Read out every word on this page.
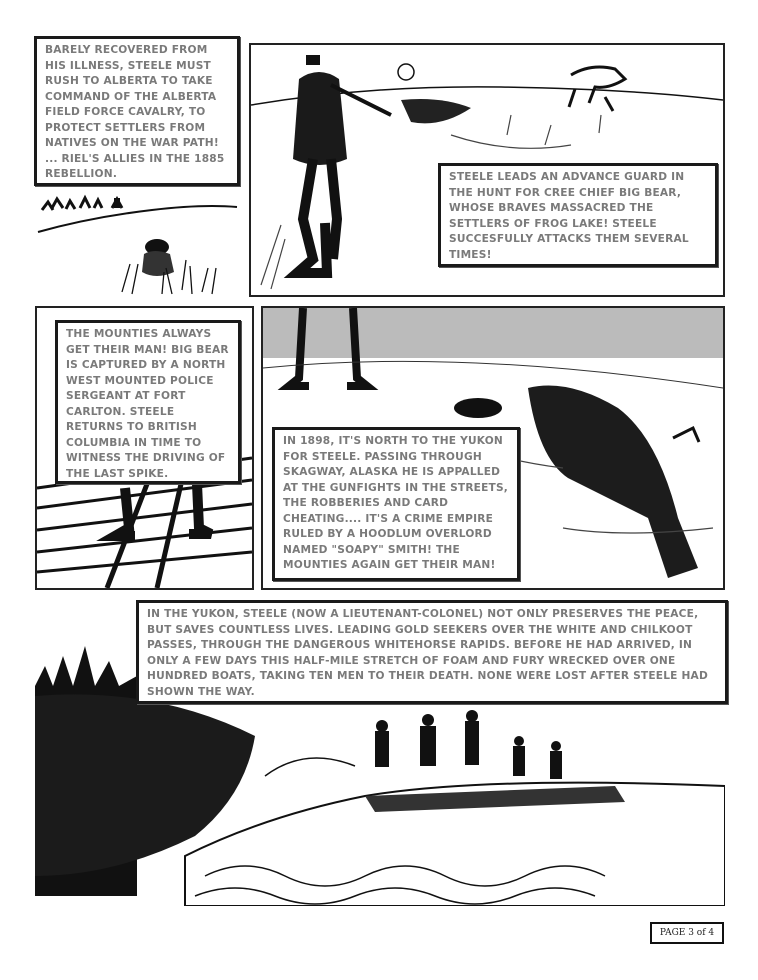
BARELY RECOVERED FROM HIS ILLNESS, STEELE MUST RUSH TO ALBERTA TO TAKE COMMAND OF THE ALBERTA FIELD FORCE CAVALRY, TO PROTECT SETTLERS FROM NATIVES ON THE WAR PATH! ... RIEL'S ALLIES IN THE 1885 REBELLION.	STEELE LEADS AN ADVANCE GUARD IN THE HUNT FOR CREE CHIEF BIG BEAR, WHOSE BRAVES MASSACRED THE SETTLERS OF FROG LAKE! STEELE SUCCESFULLY ATTACKS THEM SEVERAL TIMES!
THE MOUNTIES ALWAYS GET THEIR MAN! BIG BEAR IS CAPTURED BY A NORTH WEST MOUNTED POLICE SERGEANT AT FORT CARLTON. STEELE RETURNS TO BRITISH COLUMBIA IN TIME TO WITNESS THE DRIVING OF THE LAST SPIKE.
IN 1898, IT'S NORTH TO THE YUKON FOR STEELE. PASSING THROUGH SKAGWAY, ALASKA HE IS APPALLED AT THE GUNFIGHTS IN THE STREETS, THE ROBBERIES AND CARD CHEATING.... IT'S A CRIME EMPIRE RULED BY A HOODLUM OVERLORD NAMED "SOAPY" SMITH! THE MOUNTIES AGAIN GET THEIR MAN!
IN THE YUKON, STEELE (NOW A LIEUTENANT-COLONEL) NOT ONLY PRESERVES THE PEACE, BUT SAVES COUNTLESS LIVES. LEADING GOLD SEEKERS OVER THE WHITE AND CHILKOOT PASSES, THROUGH THE DANGEROUS WHITEHORSE RAPIDS. BEFORE HE HAD ARRIVED, IN ONLY A FEW DAYS THIS HALF-MILE STRETCH OF FOAM AND FURY WRECKED OVER ONE HUNDRED BOATS, TAKING TEN MEN TO THEIR DEATH. NONE WERE LOST AFTER STEELE HAD SHOWN THE WAY.
PAGE 3 of 4
